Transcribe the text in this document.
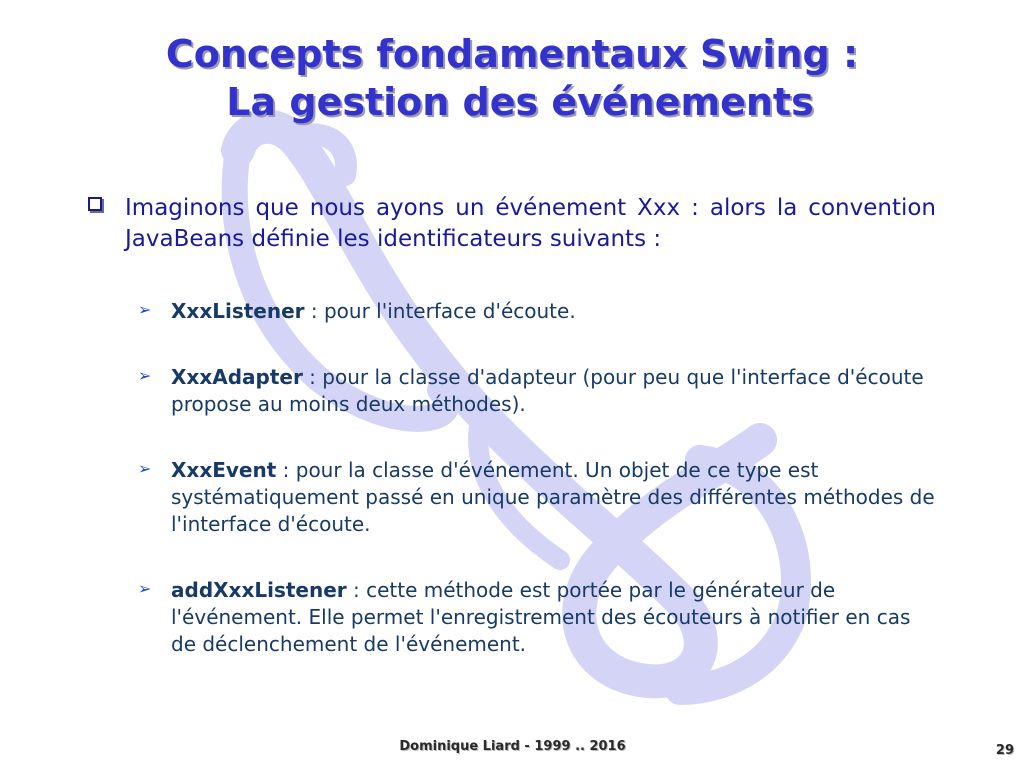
Concepts fondamentaux Swing :
La gestion des événements
Imaginons que nous ayons un événement Xxx : alors la convention JavaBeans définie les identificateurs suivants :
➢ XxxListener : pour l'interface d'écoute.
➢ XxxAdapter : pour la classe d'adapteur (pour peu que l'interface d'écoute propose au moins deux méthodes).
➢ XxxEvent : pour la classe d'événement. Un objet de ce type est systématiquement passé en unique paramètre des différentes méthodes de l'interface d'écoute.
➢ addXxxListener : cette méthode est portée par le générateur de l'événement. Elle permet l'enregistrement des écouteurs à notifier en cas de déclenchement de l'événement.
Dominique Liard - 1999 .. 2016	29
